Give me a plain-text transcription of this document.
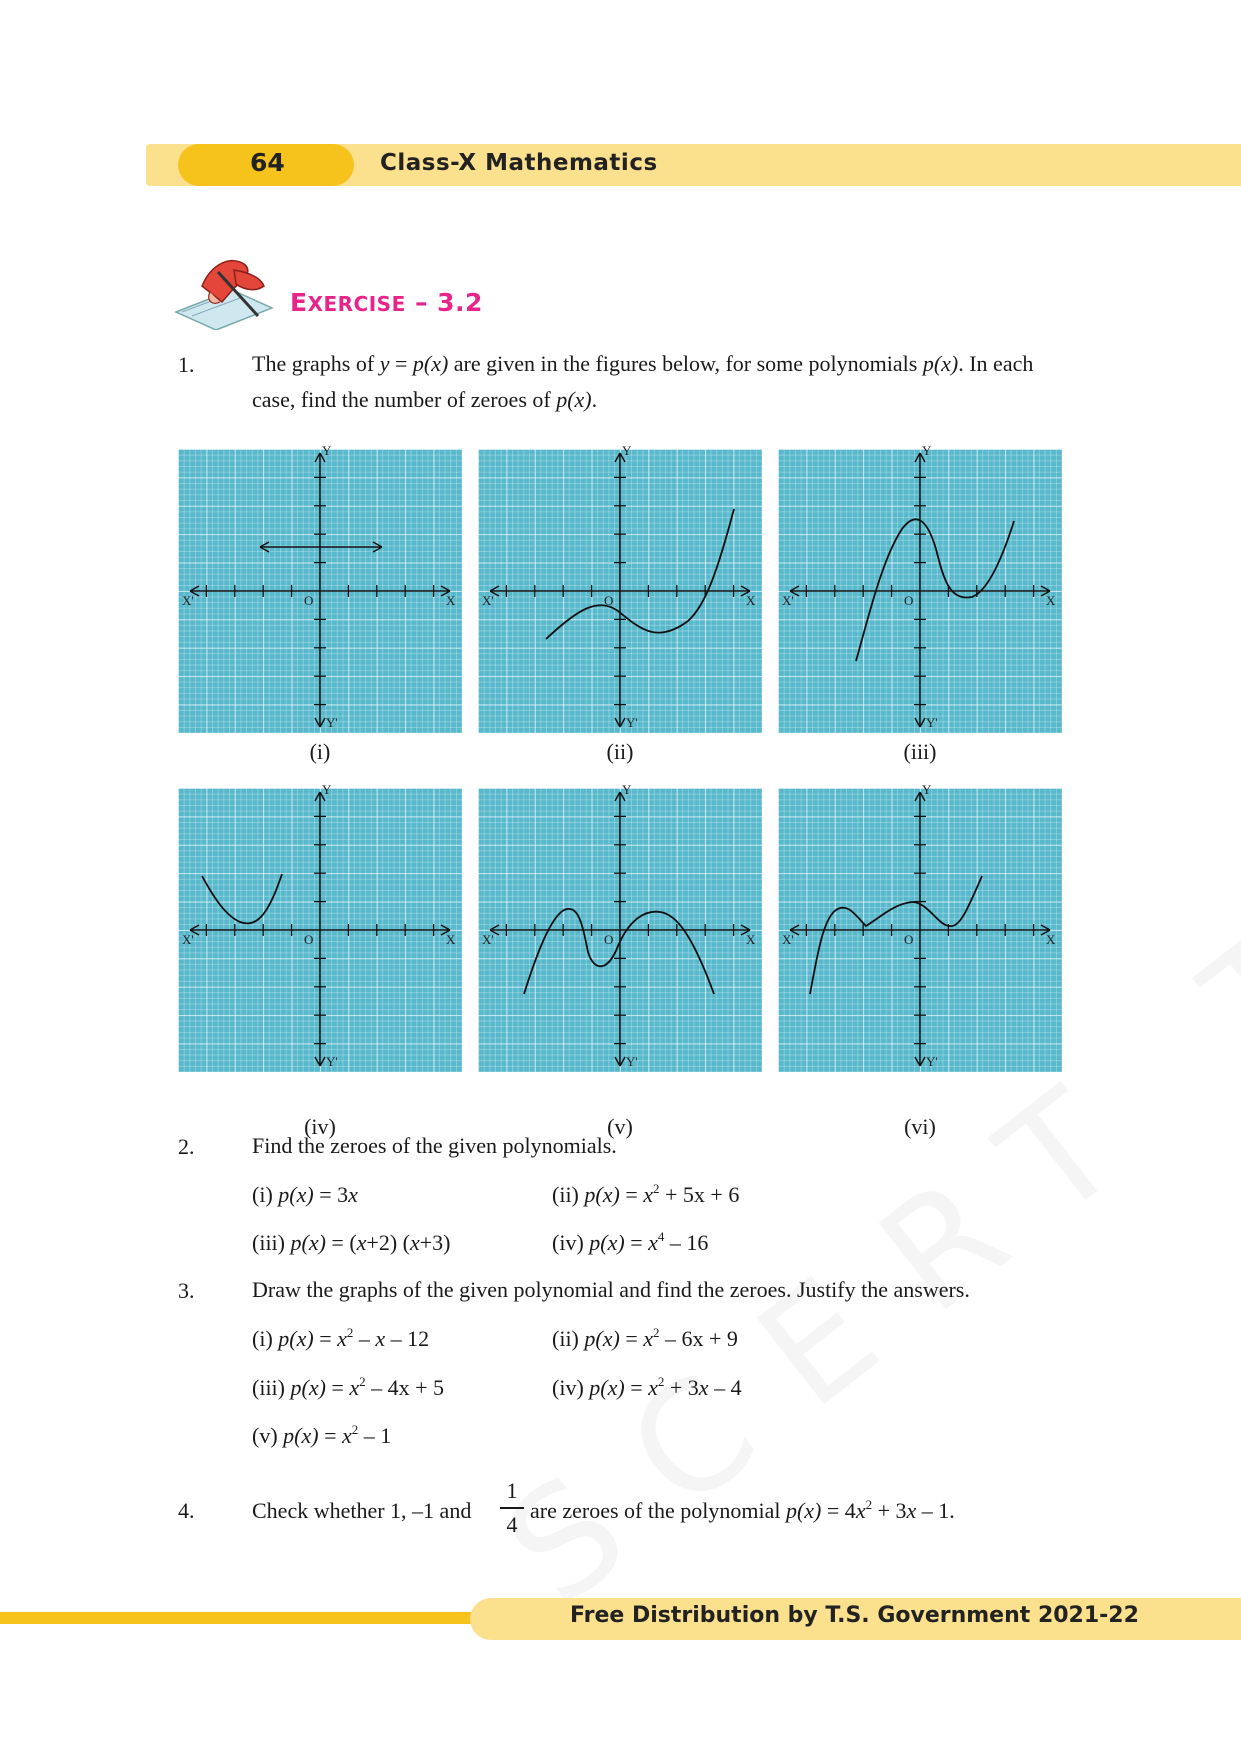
64	Class-X Mathematics
EXERCISE – 3.2
1.	The graphs of y = p(x) are given in the figures below, for some polynomials p(x). In each
case, find the number of zeroes of p(x).
Y
Y'
X
X'	O
(i)
Y
Y'
X
X'	O
(ii)
Y
Y'
X
X'	O
(iii)
Y
Y'
X
X'	O
(iv)
Y
Y'
X
X'	O
(v)
Y
Y'
X
X'	O
(vi)
2.	Find the zeroes of the given polynomials.
(i) p(x) = 3x	(ii) $p(x) = x^2 + 5x + 6$
(iii) p(x) = (x+2) (x+3)	(iv) $p(x) = x^4 - 16$
3.	Draw the graphs of the given polynomial and find the zeroes. Justify the answers.
(i) $p(x) = x^2 - x - 12$	(ii) $p(x) = x^2 - 6x + 9$
(iii) $p(x) = x^2 - 4x + 5$	(iv) $p(x) = x^2 + 3x - 4$
(v) $p(x) = x^2 - 1$
4.	Check whether 1, –1 and
1
4
are zeroes of the polynomial $p(x) = 4x^2 + 3x - 1$.
Free Distribution by T.S. Government 2021-22
